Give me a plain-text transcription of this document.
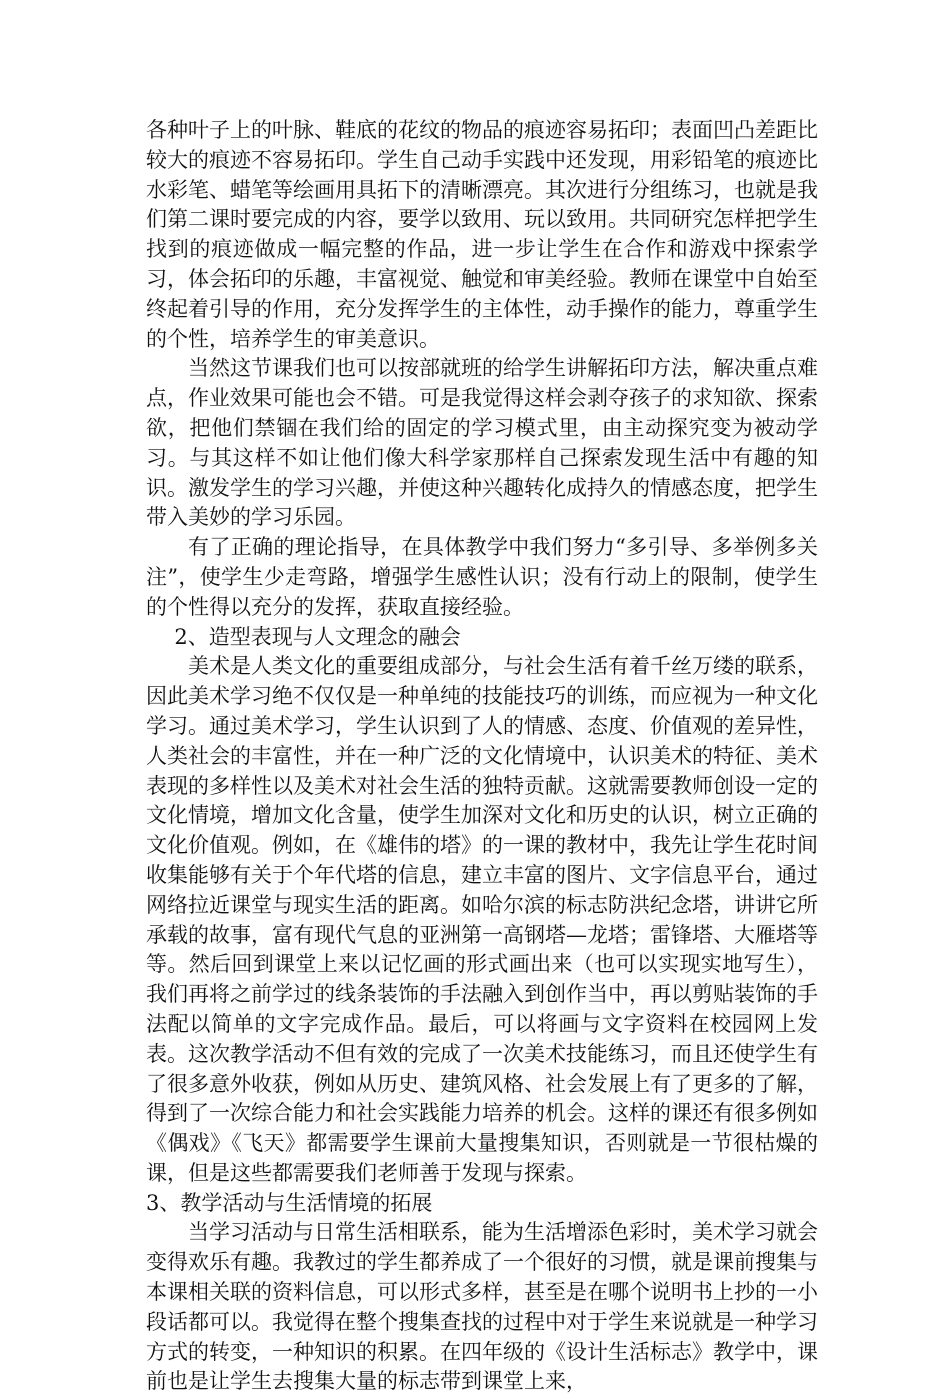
各种叶子上的叶脉、鞋底的花纹的物品的痕迹容易拓印；表面凹凸差距比较大的痕迹不容易拓印。学生自己动手实践中还发现，用彩铅笔的痕迹比水彩笔、蜡笔等绘画用具拓下的清晰漂亮。其次进行分组练习，也就是我们第二课时要完成的内容，要学以致用、玩以致用。共同研究怎样把学生找到的痕迹做成一幅完整的作品，进一步让学生在合作和游戏中探索学习，体会拓印的乐趣，丰富视觉、触觉和审美经验。教师在课堂中自始至终起着引导的作用，充分发挥学生的主体性，动手操作的能力，尊重学生的个性，培养学生的审美意识。

当然这节课我们也可以按部就班的给学生讲解拓印方法，解决重点难点，作业效果可能也会不错。可是我觉得这样会剥夺孩子的求知欲、探索欲，把他们禁锢在我们给的固定的学习模式里，由主动探究变为被动学习。与其这样不如让他们像大科学家那样自己探索发现生活中有趣的知识。激发学生的学习兴趣，并使这种兴趣转化成持久的情感态度，把学生带入美妙的学习乐园。

有了正确的理论指导，在具体教学中我们努力“多引导、多举例多关注”，使学生少走弯路，增强学生感性认识；没有行动上的限制，使学生的个性得以充分的发挥，获取直接经验。

2、造型表现与人文理念的融会

美术是人类文化的重要组成部分，与社会生活有着千丝万缕的联系，因此美术学习绝不仅仅是一种单纯的技能技巧的训练，而应视为一种文化学习。通过美术学习，学生认识到了人的情感、态度、价值观的差异性，人类社会的丰富性，并在一种广泛的文化情境中，认识美术的特征、美术表现的多样性以及美术对社会生活的独特贡献。这就需要教师创设一定的文化情境，增加文化含量，使学生加深对文化和历史的认识，树立正确的文化价值观。例如，在《雄伟的塔》的一课的教材中，我先让学生花时间收集能够有关于个年代塔的信息，建立丰富的图片、文字信息平台，通过网络拉近课堂与现实生活的距离。如哈尔滨的标志防洪纪念塔，讲讲它所承载的故事，富有现代气息的亚洲第一高钢塔—龙塔；雷锋塔、大雁塔等等。然后回到课堂上来以记忆画的形式画出来（也可以实现实地写生），我们再将之前学过的线条装饰的手法融入到创作当中，再以剪贴装饰的手法配以简单的文字完成作品。最后，可以将画与文字资料在校园网上发表。这次教学活动不但有效的完成了一次美术技能练习，而且还使学生有了很多意外收获，例如从历史、建筑风格、社会发展上有了更多的了解，得到了一次综合能力和社会实践能力培养的机会。这样的课还有很多例如《偶戏》《飞天》都需要学生课前大量搜集知识，否则就是一节很枯燥的课，但是这些都需要我们老师善于发现与探索。

3、教学活动与生活情境的拓展

当学习活动与日常生活相联系，能为生活增添色彩时，美术学习就会变得欢乐有趣。我教过的学生都养成了一个很好的习惯，就是课前搜集与本课相关联的资料信息，可以形式多样，甚至是在哪个说明书上抄的一小段话都可以。我觉得在整个搜集查找的过程中对于学生来说就是一种学习方式的转变，一种知识的积累。在四年级的《设计生活标志》教学中，课前也是让学生去搜集大量的标志带到课堂上来，
